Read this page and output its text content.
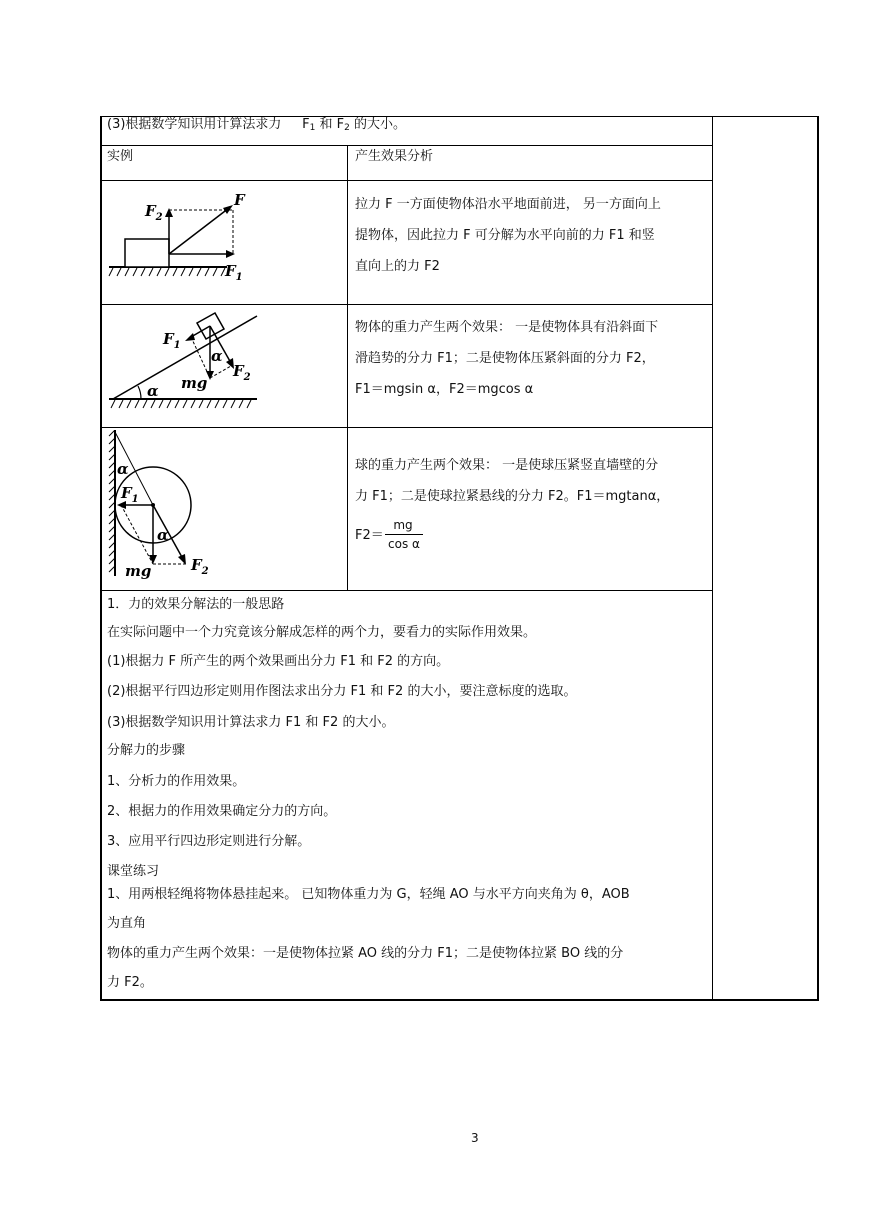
(3)根据数学知识用计算法求力 $F_1$ 和 $F_2$ 的大小。
实例	产生效果分析
F
$F_2$
$F_1$
拉力 F 一方面使物体沿水平地面前进， 另一方面向上
提物体，因此拉力 F 可分解为水平向前的力 F1 和竖
直向上的力 F2
$F_1$
α
$F_2$
mg
α
物体的重力产生两个效果： 一是使物体具有沿斜面下
滑趋势的分力 F1；二是使物体压紧斜面的分力 F2，
F1＝mgsin α，F2＝mgcos α
α
$F_1$
α
mg	$F_2$
球的重力产生两个效果： 一是使球压紧竖直墙壁的分
力 F1；二是使球拉紧悬线的分力 F2。F1＝mgtanα，
F2＝
mg
cos α
1．力的效果分解法的一般思路
在实际问题中一个力究竟该分解成怎样的两个力，要看力的实际作用效果。
(1)根据力 F 所产生的两个效果画出分力 F1 和 F2 的方向。
(2)根据平行四边形定则用作图法求出分力 F1 和 F2 的大小，要注意标度的选取。
(3)根据数学知识用计算法求力 F1 和 F2 的大小。
分解力的步骤
1、分析力的作用效果。
2、根据力的作用效果确定分力的方向。
3、应用平行四边形定则进行分解。
课堂练习
1、用两根轻绳将物体悬挂起来。 已知物体重力为 G，轻绳 AO 与水平方向夹角为 θ，AOB
为直角
物体的重力产生两个效果：一是使物体拉紧 AO 线的分力 F1；二是使物体拉紧 BO 线的分
力 F2。
3
